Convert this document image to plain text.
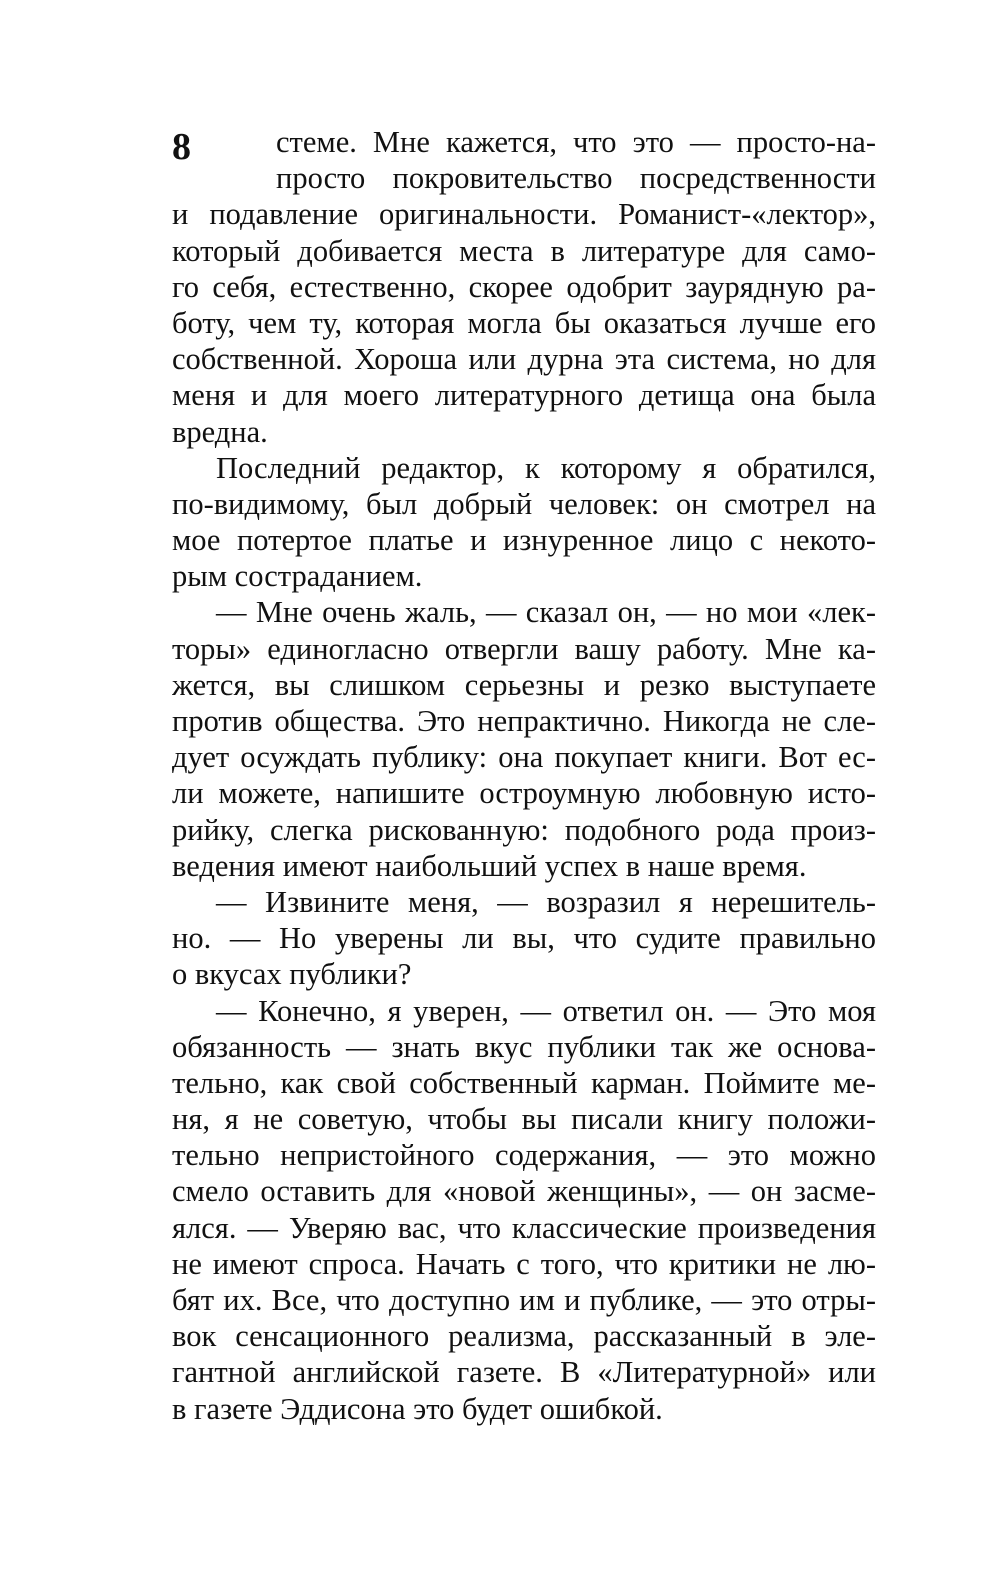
8	стеме. Мне кажется, что это — просто-на-
просто покровительство посредственности
и подавление оригинальности. Романист-«лектор»,
который добивается места в литературе для само-
го себя, естественно, скорее одобрит заурядную ра-
боту, чем ту, которая могла бы оказаться лучше его
собственной. Хороша или дурна эта система, но для
меня и для моего литературного детища она была
вредна.
Последний редактор, к которому я обратился,
по-видимому, был добрый человек: он смотрел на
мое потертое платье и изнуренное лицо с некото-
рым состраданием.
— Мне очень жаль, — сказал он, — но мои «лек-
торы» единогласно отвергли вашу работу. Мне ка-
жется, вы слишком серьезны и резко выступаете
против общества. Это непрактично. Никогда не сле-
дует осуждать публику: она покупает книги. Вот ес-
ли можете, напишите остроумную любовную исто-
рийку, слегка рискованную: подобного рода произ-
ведения имеют наибольший успех в наше время.
— Извините меня, — возразил я нерешитель-
но. — Но уверены ли вы, что судите правильно
о вкусах публики?
— Конечно, я уверен, — ответил он. — Это моя
обязанность — знать вкус публики так же основа-
тельно, как свой собственный карман. Поймите ме-
ня, я не советую, чтобы вы писали книгу положи-
тельно непристойного содержания, — это можно
смело оставить для «новой женщины», — он засме-
ялся. — Уверяю вас, что классические произведения
не имеют спроса. Начать с того, что критики не лю-
бят их. Все, что доступно им и публике, — это отры-
вок сенсационного реализма, рассказанный в эле-
гантной английской газете. В «Литературной» или
в газете Эддисона это будет ошибкой.
